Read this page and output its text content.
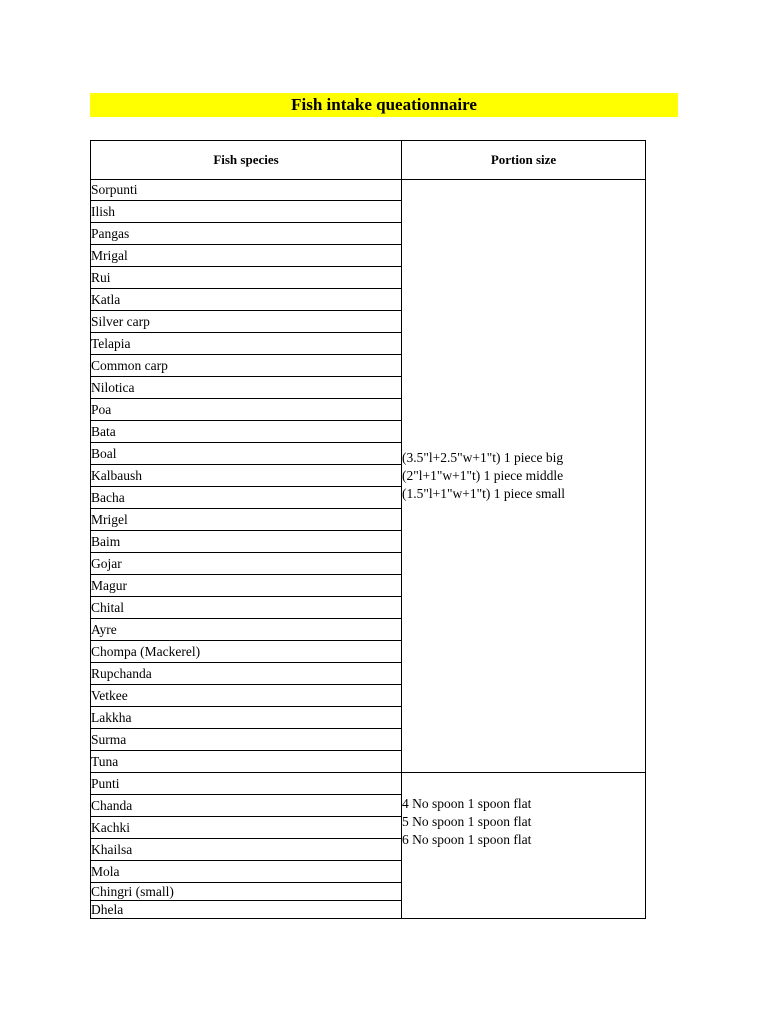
Fish intake queationnaire
Fish species	Portion size
Sorpunti	(3.5"l+2.5"w+1"t) 1 piece big
(2"l+1"w+1"t) 1 piece middle
(1.5"l+1"w+1"t) 1 piece small

Ilish	
Pangas	
Mrigal	
Rui	
Katla	
Silver carp	
Telapia	
Common carp	
Nilotica	
Poa	
Bata	
Boal	
Kalbaush	
Bacha	
Mrigel	
Baim	
Gojar	
Magur	
Chital	
Ayre	
Chompa (Mackerel)	
Rupchanda	
Vetkee	
Lakkha	
Surma	
Tuna	
Punti	4 No spoon 1 spoon flat
5 No spoon 1 spoon flat
6 No spoon 1 spoon flat

Chanda	
Kachki	
Khailsa	
Mola	
Chingri (small)	
Dhela	
